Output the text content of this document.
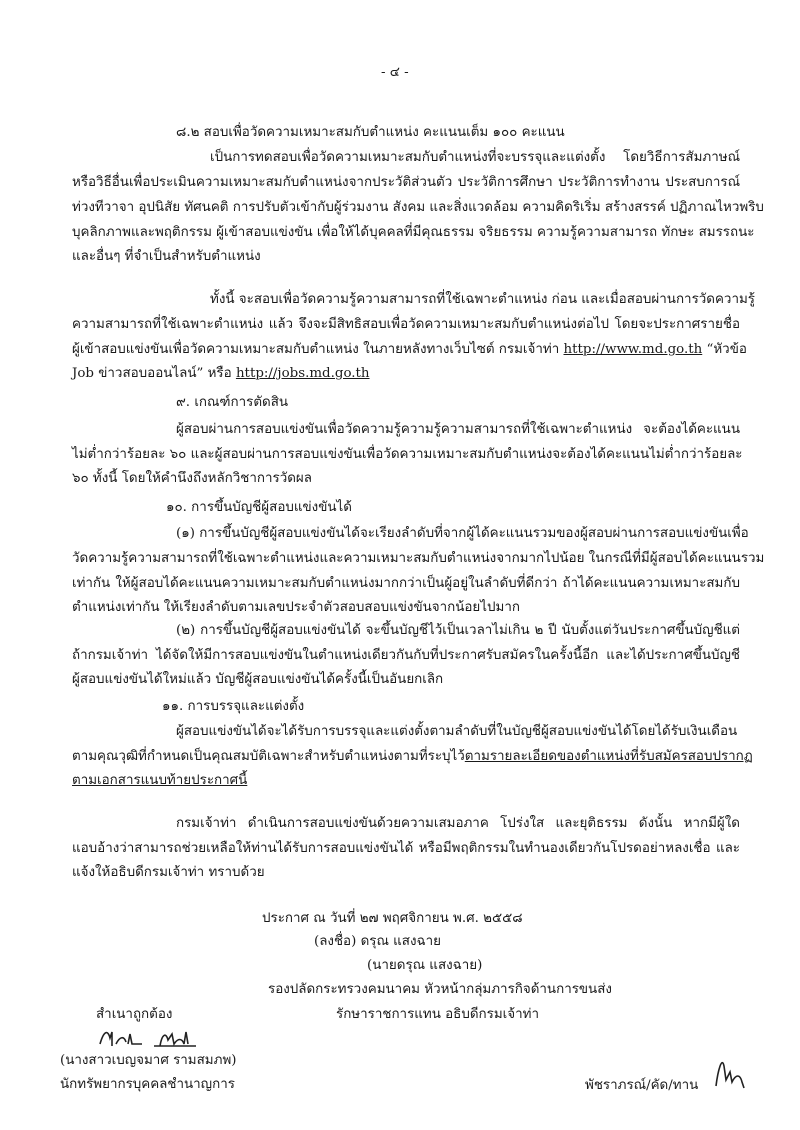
- ๔ -
๘.๒ สอบเพื่อวัดความเหมาะสมกับตำแหน่ง คะแนนเต็ม ๑๐๐ คะแนน
เป็นการทดสอบเพื่อวัดความเหมาะสมกับตำแหน่งที่จะบรรจุและแต่งตั้ง โดยวิธีการสัมภาษณ์
หรือวิธีอื่นเพื่อประเมินความเหมาะสมกับตำแหน่งจากประวัติส่วนตัว ประวัติการศึกษา ประวัติการทำงาน ประสบการณ์
ท่วงทีวาจา อุปนิสัย ทัศนคติ การปรับตัวเข้ากับผู้ร่วมงาน สังคม และสิ่งแวดล้อม ความคิดริเริ่ม สร้างสรรค์ ปฏิภาณไหวพริบ
บุคลิกภาพและพฤติกรรม ผู้เข้าสอบแข่งขัน เพื่อให้ได้บุคคลที่มีคุณธรรม จริยธรรม ความรู้ความสามารถ ทักษะ สมรรถนะ
และอื่นๆ ที่จำเป็นสำหรับตำแหน่ง
ทั้งนี้ จะสอบเพื่อวัดความรู้ความสามารถที่ใช้เฉพาะตำแหน่ง ก่อน และเมื่อสอบผ่านการวัดความรู้
ความสามารถที่ใช้เฉพาะตำแหน่ง แล้ว จึงจะมีสิทธิสอบเพื่อวัดความเหมาะสมกับตำแหน่งต่อไป โดยจะประกาศรายชื่อ
ผู้เข้าสอบแข่งขันเพื่อวัดความเหมาะสมกับตำแหน่ง ในภายหลังทางเว็บไซต์ กรมเจ้าท่า http://www.md.go.th “หัวข้อ
Job ข่าวสอบออนไลน์” หรือ http://jobs.md.go.th
๙. เกณฑ์การตัดสิน
ผู้สอบผ่านการสอบแข่งขันเพื่อวัดความรู้ความรู้ความสามารถที่ใช้เฉพาะตำแหน่ง จะต้องได้คะแนน
ไม่ต่ำกว่าร้อยละ ๖๐ และผู้สอบผ่านการสอบแข่งขันเพื่อวัดความเหมาะสมกับตำแหน่งจะต้องได้คะแนนไม่ต่ำกว่าร้อยละ
๖๐ ทั้งนี้ โดยให้คำนึงถึงหลักวิชาการวัดผล
๑๐. การขึ้นบัญชีผู้สอบแข่งขันได้
(๑) การขึ้นบัญชีผู้สอบแข่งขันได้จะเรียงลำดับที่จากผู้ได้คะแนนรวมของผู้สอบผ่านการสอบแข่งขันเพื่อ
วัดความรู้ความสามารถที่ใช้เฉพาะตำแหน่งและความเหมาะสมกับตำแหน่งจากมากไปน้อย ในกรณีที่มีผู้สอบได้คะแนนรวม
เท่ากัน ให้ผู้สอบได้คะแนนความเหมาะสมกับตำแหน่งมากกว่าเป็นผู้อยู่ในลำดับที่ดีกว่า ถ้าได้คะแนนความเหมาะสมกับ
ตำแหน่งเท่ากัน ให้เรียงลำดับตามเลขประจำตัวสอบสอบแข่งขันจากน้อยไปมาก
(๒) การขึ้นบัญชีผู้สอบแข่งขันได้ จะขึ้นบัญชีไว้เป็นเวลาไม่เกิน ๒ ปี นับตั้งแต่วันประกาศขึ้นบัญชีแต่
ถ้ากรมเจ้าท่า ได้จัดให้มีการสอบแข่งขันในตำแหน่งเดียวกันกับที่ประกาศรับสมัครในครั้งนี้อีก และได้ประกาศขึ้นบัญชี
ผู้สอบแข่งขันได้ใหม่แล้ว บัญชีผู้สอบแข่งขันได้ครั้งนี้เป็นอันยกเลิก
๑๑. การบรรจุและแต่งตั้ง
ผู้สอบแข่งขันได้จะได้รับการบรรจุและแต่งตั้งตามลำดับที่ในบัญชีผู้สอบแข่งขันได้โดยได้รับเงินเดือน
ตามคุณวุฒิที่กำหนดเป็นคุณสมบัติเฉพาะสำหรับตำแหน่งตามที่ระบุไว้ ตามรายละเอียดของตำแหน่งที่รับสมัครสอบปรากฏ
ตามเอกสารแนบท้ายประกาศนี้
กรมเจ้าท่า ดำเนินการสอบแข่งขันด้วยความเสมอภาค โปร่งใส และยุติธรรม ดังนั้น หากมีผู้ใด
แอบอ้างว่าสามารถช่วยเหลือให้ท่านได้รับการสอบแข่งขันได้ หรือมีพฤติกรรมในทำนองเดียวกันโปรดอย่าหลงเชื่อ และ
แจ้งให้อธิบดีกรมเจ้าท่า ทราบด้วย
ประกาศ ณ วันที่ ๒๗ พฤศจิกายน พ.ศ. ๒๕๕๘
(ลงชื่อ) ดรุณ แสงฉาย
(นายดรุณ แสงฉาย)
รองปลัดกระทรวงคมนาคม หัวหน้ากลุ่มภารกิจด้านการขนส่ง
รักษาราชการแทน อธิบดีกรมเจ้าท่า
สำเนาถูกต้อง
(นางสาวเบญจมาศ รามสมภพ)
นักทรัพยากรบุคคลชำนาญการ	พัชราภรณ์/คัด/ทาน
